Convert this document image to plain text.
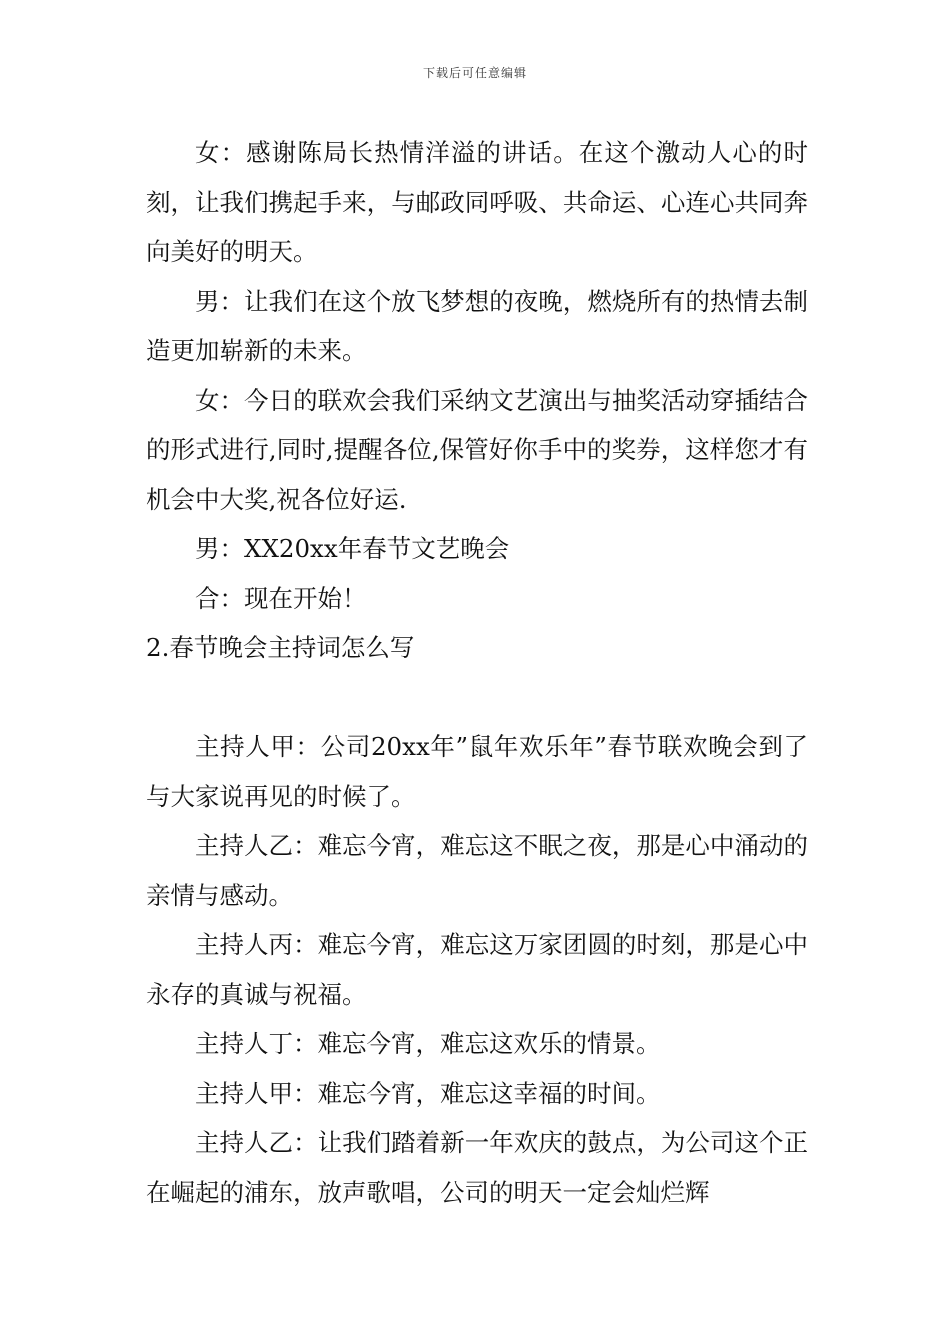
下载后可任意编辑

女：感谢陈局长热情洋溢的讲话。在这个激动人心的时刻，让我们携起手来，与邮政同呼吸、共命运、心连心共同奔向美好的明天。

男：让我们在这个放飞梦想的夜晚，燃烧所有的热情去制造更加崭新的未来。

女：今日的联欢会我们采纳文艺演出与抽奖活动穿插结合的形式进行,同时,提醒各位,保管好你手中的奖券，这样您才有机会中大奖,祝各位好运.

男：XX20xx年春节文艺晚会

合：现在开始！

2.春节晚会主持词怎么写

主持人甲：公司20xx年”鼠年欢乐年”春节联欢晚会到了与大家说再见的时候了。

主持人乙：难忘今宵，难忘这不眠之夜，那是心中涌动的亲情与感动。

主持人丙：难忘今宵，难忘这万家团圆的时刻，那是心中永存的真诚与祝福。

主持人丁：难忘今宵，难忘这欢乐的情景。

主持人甲：难忘今宵，难忘这幸福的时间。

主持人乙：让我们踏着新一年欢庆的鼓点，为公司这个正在崛起的浦东，放声歌唱，公司的明天一定会灿烂辉
